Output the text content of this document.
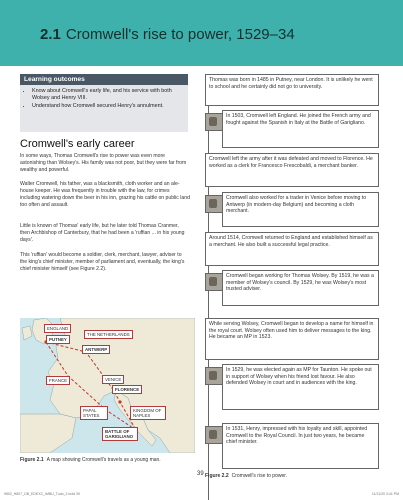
2.1 Cromwell's rise to power, 1529–34
Learning outcomes
• Know about Cromwell's early life, and his service with both Wolsey and Henry VIII.
• Understand how Cromwell secured Henry's annulment.
Cromwell's early career

In some ways, Thomas Cromwell's rise to power was even more astonishing than Wolsey's. His family was not poor, but they were far from wealthy and powerful.

Walter Cromwell, his father, was a blacksmith, cloth worker and an ale-house keeper. He was frequently in trouble with the law, for crimes including watering down the beer in his inn, grazing his cattle on public land too often and assault.

Little is known of Thomas' early life, but he later told Thomas Cranmer, then Archbishop of Canterbury, that he had been a 'ruffian ... in his young days'.

This 'ruffian' would become a soldier, clerk, merchant, lawyer, adviser to the king's chief minister, member of parliament and, eventually, the king's chief minister himself (see Figure 2.2).

ENGLAND
PUTNEY
THE NETHERLANDS
ANTWERP
FRANCE	VENICE
FLORENCE
PAPAL STATES
KINGDOM OF NAPLES
BATTLE OF GARIGLIANO
Figure 2.1 A map showing Cromwell's travels as a young man.

Thomas was born in 1485 in Putney, near London. It is unlikely he went to school and he certainly did not go to university.

In 1503, Cromwell left England. He joined the French army and fought against the Spanish in Italy at the Battle of Garigliano.

Cromwell left the army after it was defeated and moved to Florence. He worked as a clerk for Francesco Frescobaldi, a merchant banker.

Cromwell also worked for a trader in Venice before moving to Antwerp (in modern-day Belgium) and becoming a cloth merchant.

Around 1514, Cromwell returned to England and established himself as a merchant. He also built a successful legal practice.

Cromwell began working for Thomas Wolsey. By 1519, he was a member of Wolsey's council. By 1529, he was Wolsey's most trusted adviser.

While serving Wolsey, Cromwell began to develop a name for himself in the royal court. Wolsey often used him to deliver messages to the king. He became an MP in 1523.

In 1529, he was elected again as MP for Taunton. He spoke out in support of Wolsey when his friend lost favour. He also defended Wolsey in court and in audiences with the king.

In 1531, Henry, impressed with his loyalty and skill, appointed Cromwell to the Royal Council. In just two years, he became chief minister.

Figure 2.2 Cromwell's rise to power.
39
9802_H807_OB_EDEXC_IMBU_Tudo_2.indd 39	11/11/20 3:41 PM
